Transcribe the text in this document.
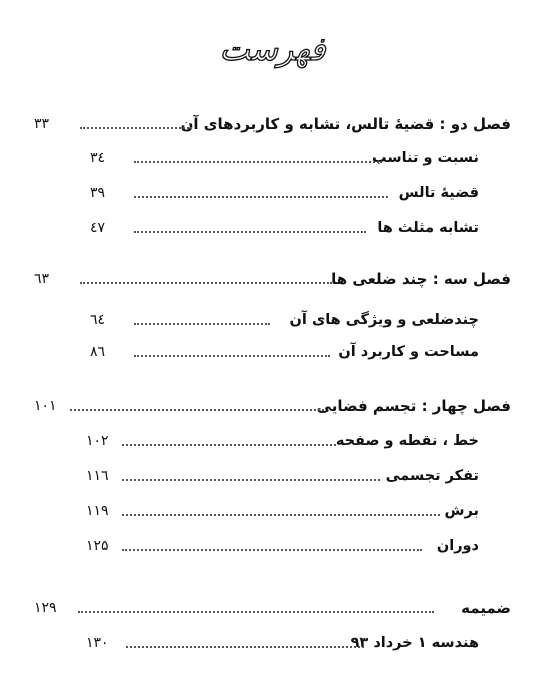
فهرست
فصل دو : قضیهٔ تالس، تشابه و کاربردهای آن
۳۳
نسبت و تناسب
۳٤
قضیهٔ تالس
۳۹
تشابه مثلث ها
٤۷
فصل سه : چند ضلعی ها
٦۳
چندضلعی و ویژگی های آن
٦٤
مساحت و کاربرد آن
۸٦
فصل چهار : تجسم فضایی
۱۰۱
خط ، نقطه و صفحه
۱۰۲
تفکر تجسمی
۱۱٦
برش
۱۱۹
دوران
۱۲۵
ضمیمه
۱۲۹
هندسه ۱ خرداد ۹۳
۱۳۰
